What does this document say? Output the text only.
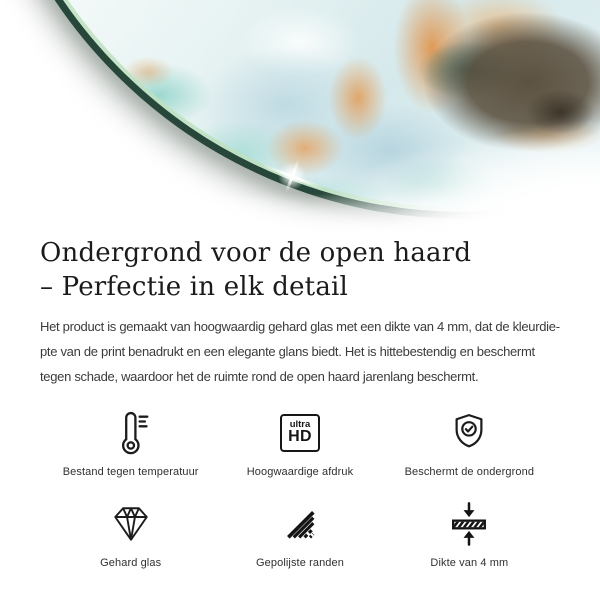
Ondergrond voor de open haard
– Perfectie in elk detail
Het product is gemaakt van hoogwaardig gehard glas met een dikte van 4 mm, dat de kleurdie-
pte van de print benadrukt en een elegante glans biedt. Het is hittebestendig en beschermt
tegen schade, waardoor het de ruimte rond de open haard jarenlang beschermt.
Bestand tegen temperatuur
ultra
HD
Hoogwaardige afdruk	Beschermt de ondergrond
Gehard glas	Gepolijste randen	Dikte van 4 mm
